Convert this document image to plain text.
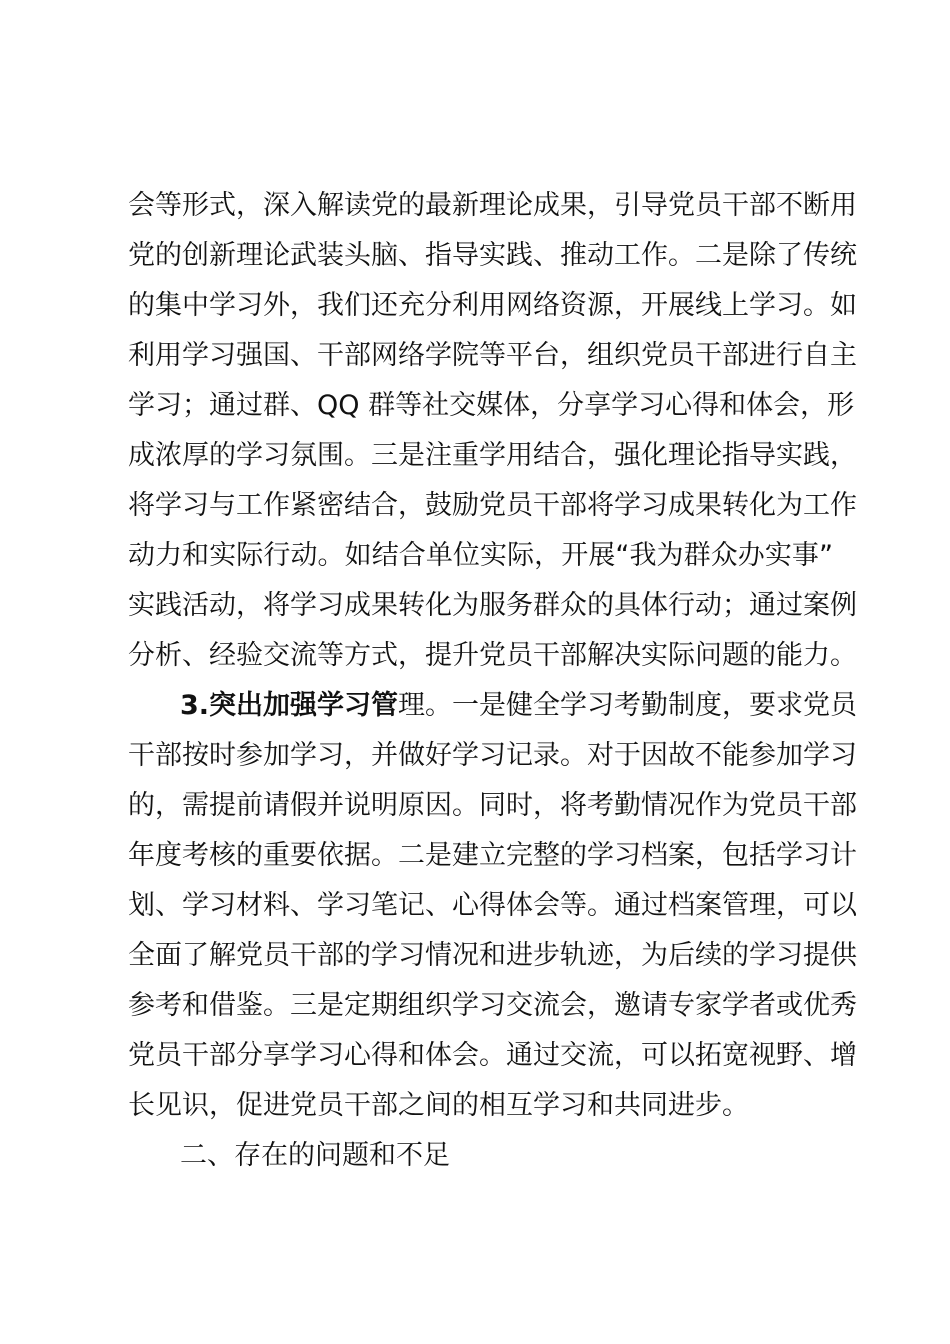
会等形式，深入解读党的最新理论成果，引导党员干部不断用
党的创新理论武装头脑、指导实践、推动工作。二是除了传统
的集中学习外，我们还充分利用网络资源，开展线上学习。如
利用学习强国、干部网络学院等平台，组织党员干部进行自主
学习；通过群、QQ 群等社交媒体，分享学习心得和体会，形
成浓厚的学习氛围。三是注重学用结合，强化理论指导实践，
将学习与工作紧密结合，鼓励党员干部将学习成果转化为工作
动力和实际行动。如结合单位实际，开展“我为群众办实事”
实践活动，将学习成果转化为服务群众的具体行动；通过案例
分析、经验交流等方式，提升党员干部解决实际问题的能力。
3.突出加强学习管理。一是健全学习考勤制度，要求党员
干部按时参加学习，并做好学习记录。对于因故不能参加学习
的，需提前请假并说明原因。同时，将考勤情况作为党员干部
年度考核的重要依据。二是建立完整的学习档案，包括学习计
划、学习材料、学习笔记、心得体会等。通过档案管理，可以
全面了解党员干部的学习情况和进步轨迹，为后续的学习提供
参考和借鉴。三是定期组织学习交流会，邀请专家学者或优秀
党员干部分享学习心得和体会。通过交流，可以拓宽视野、增
长见识，促进党员干部之间的相互学习和共同进步。
二、存在的问题和不足
